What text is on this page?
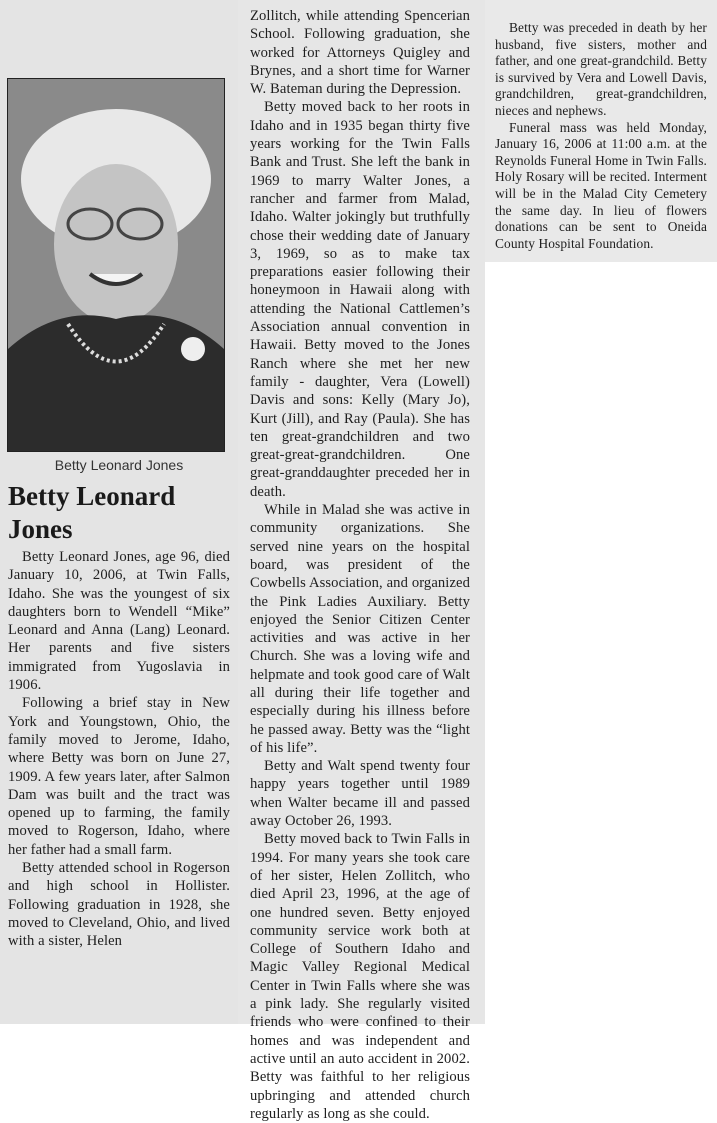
Betty Leonard Jones
Betty Leonard Jones

Betty Leonard Jones, age 96, died January 10, 2006, at Twin Falls, Idaho. She was the youngest of six daughters born to Wendell “Mike” Leonard and Anna (Lang) Leonard. Her parents and five sisters immigrated from Yugoslavia in 1906.

Following a brief stay in New York and Youngstown, Ohio, the family moved to Jerome, Idaho, where Betty was born on June 27, 1909. A few years later, after Salmon Dam was built and the tract was opened up to farming, the family moved to Rogerson, Idaho, where her father had a small farm.

Betty attended school in Rogerson and high school in Hollister. Following graduation in 1928, she moved to Cleveland, Ohio, and lived with a sister, Helen

Zollitch, while attending Spencerian School. Following graduation, she worked for Attorneys Quigley and Brynes, and a short time for Warner W. Bateman during the Depression.

Betty moved back to her roots in Idaho and in 1935 began thirty five years working for the Twin Falls Bank and Trust. She left the bank in 1969 to marry Walter Jones, a rancher and farmer from Malad, Idaho. Walter jokingly but truthfully chose their wedding date of January 3, 1969, so as to make tax preparations easier following their honeymoon in Hawaii along with attending the National Cattlemen’s Association annual convention in Hawaii. Betty moved to the Jones Ranch where she met her new family - daughter, Vera (Lowell) Davis and sons: Kelly (Mary Jo), Kurt (Jill), and Ray (Paula). She has ten great-grandchildren and two great-great-grandchildren. One great-granddaughter preceded her in death.

While in Malad she was active in community organizations. She served nine years on the hospital board, was president of the Cowbells Association, and organized the Pink Ladies Auxiliary. Betty enjoyed the Senior Citizen Center activities and was active in her Church. She was a loving wife and helpmate and took good care of Walt all during their life together and especially during his illness before he passed away. Betty was the “light of his life”.

Betty and Walt spend twenty four happy years together until 1989 when Walter became ill and passed away October 26, 1993.

Betty moved back to Twin Falls in 1994. For many years she took care of her sister, Helen Zollitch, who died April 23, 1996, at the age of one hundred seven. Betty enjoyed community service work both at College of Southern Idaho and Magic Valley Regional Medical Center in Twin Falls where she was a pink lady. She regularly visited friends who were confined to their homes and was independent and active until an auto accident in 2002. Betty was faithful to her religious upbringing and attended church regularly as long as she could.

Betty was preceded in death by her husband, five sisters, mother and father, and one great-grandchild. Betty is survived by Vera and Lowell Davis, grandchildren, great-grandchildren, nieces and nephews.

Funeral mass was held Monday, January 16, 2006 at 11:00 a.m. at the Reynolds Funeral Home in Twin Falls. Holy Rosary will be recited. Interment will be in the Malad City Cemetery the same day. In lieu of flowers donations can be sent to Oneida County Hospital Foundation.
